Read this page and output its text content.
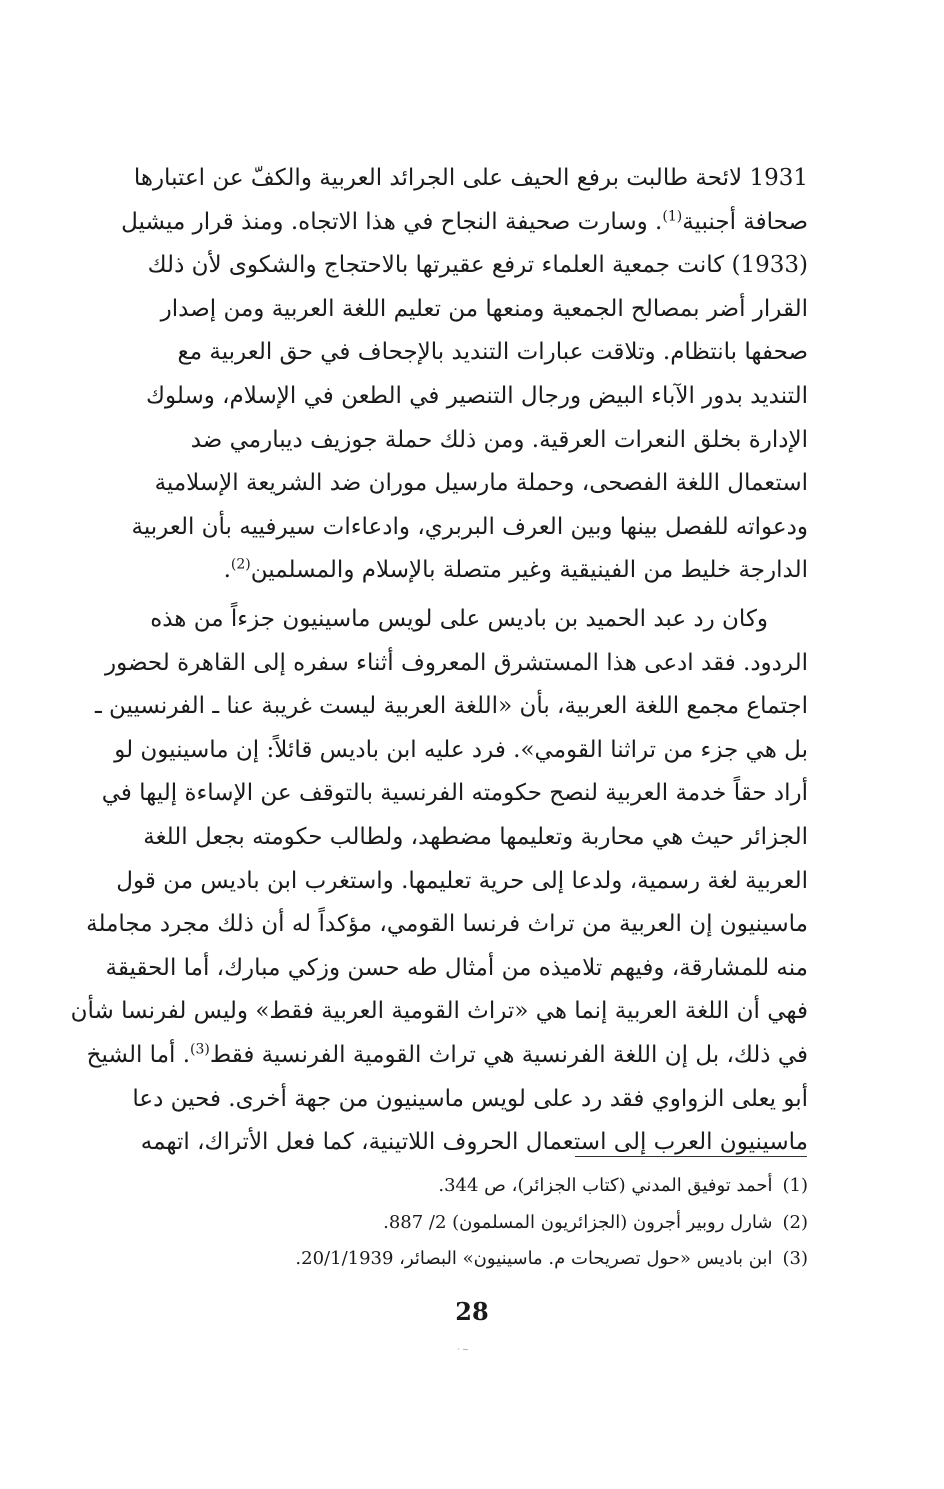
1931 لائحة طالبت برفع الحيف على الجرائد العربية والكفّ عن اعتبارها
صحافة أجنبية$^{(1)}$. وسارت صحيفة النجاح في هذا الاتجاه. ومنذ قرار ميشيل
(1933) كانت جمعية العلماء ترفع عقيرتها بالاحتجاج والشكوى لأن ذلك
القرار أضر بمصالح الجمعية ومنعها من تعليم اللغة العربية ومن إصدار
صحفها بانتظام. وتلاقت عبارات التنديد بالإجحاف في حق العربية مع
التنديد بدور الآباء البيض ورجال التنصير في الطعن في الإسلام، وسلوك
الإدارة بخلق النعرات العرقية. ومن ذلك حملة جوزيف ديبارمي ضد
استعمال اللغة الفصحى، وحملة مارسيل موران ضد الشريعة الإسلامية
ودعواته للفصل بينها وبين العرف البربري، وادعاءات سيرفييه بأن العربية
الدارجة خليط من الفينيقية وغير متصلة بالإسلام والمسلمين$^{(2)}$.
وكان رد عبد الحميد بن باديس على لويس ماسينيون جزءاً من هذه
الردود. فقد ادعى هذا المستشرق المعروف أثناء سفره إلى القاهرة لحضور
اجتماع مجمع اللغة العربية، بأن «اللغة العربية ليست غريبة عنا ـ الفرنسيين ـ
بل هي جزء من تراثنا القومي». فرد عليه ابن باديس قائلاً: إن ماسينيون لو
أراد حقاً خدمة العربية لنصح حكومته الفرنسية بالتوقف عن الإساءة إليها في
الجزائر حيث هي محاربة وتعليمها مضطهد، ولطالب حكومته بجعل اللغة
العربية لغة رسمية، ولدعا إلى حرية تعليمها. واستغرب ابن باديس من قول
ماسينيون إن العربية من تراث فرنسا القومي، مؤكداً له أن ذلك مجرد مجاملة
منه للمشارقة، وفيهم تلاميذه من أمثال طه حسن وزكي مبارك، أما الحقيقة
فهي أن اللغة العربية إنما هي «تراث القومية العربية فقط» وليس لفرنسا شأن
في ذلك، بل إن اللغة الفرنسية هي تراث القومية الفرنسية فقط$^{(3)}$. أما الشيخ
أبو يعلى الزواوي فقد رد على لويس ماسينيون من جهة أخرى. فحين دعا
ماسينيون العرب إلى استعمال الحروف اللاتينية، كما فعل الأتراك، اتهمه
(1)أحمد توفيق المدني (كتاب الجزائر)، ص 344.
(2)شارل روبير أجرون (الجزائريون المسلمون) 2/ 887.
(3)ابن باديس «حول تصريحات م. ماسينيون» البصائر، 20/1/1939.
28
· ∼
